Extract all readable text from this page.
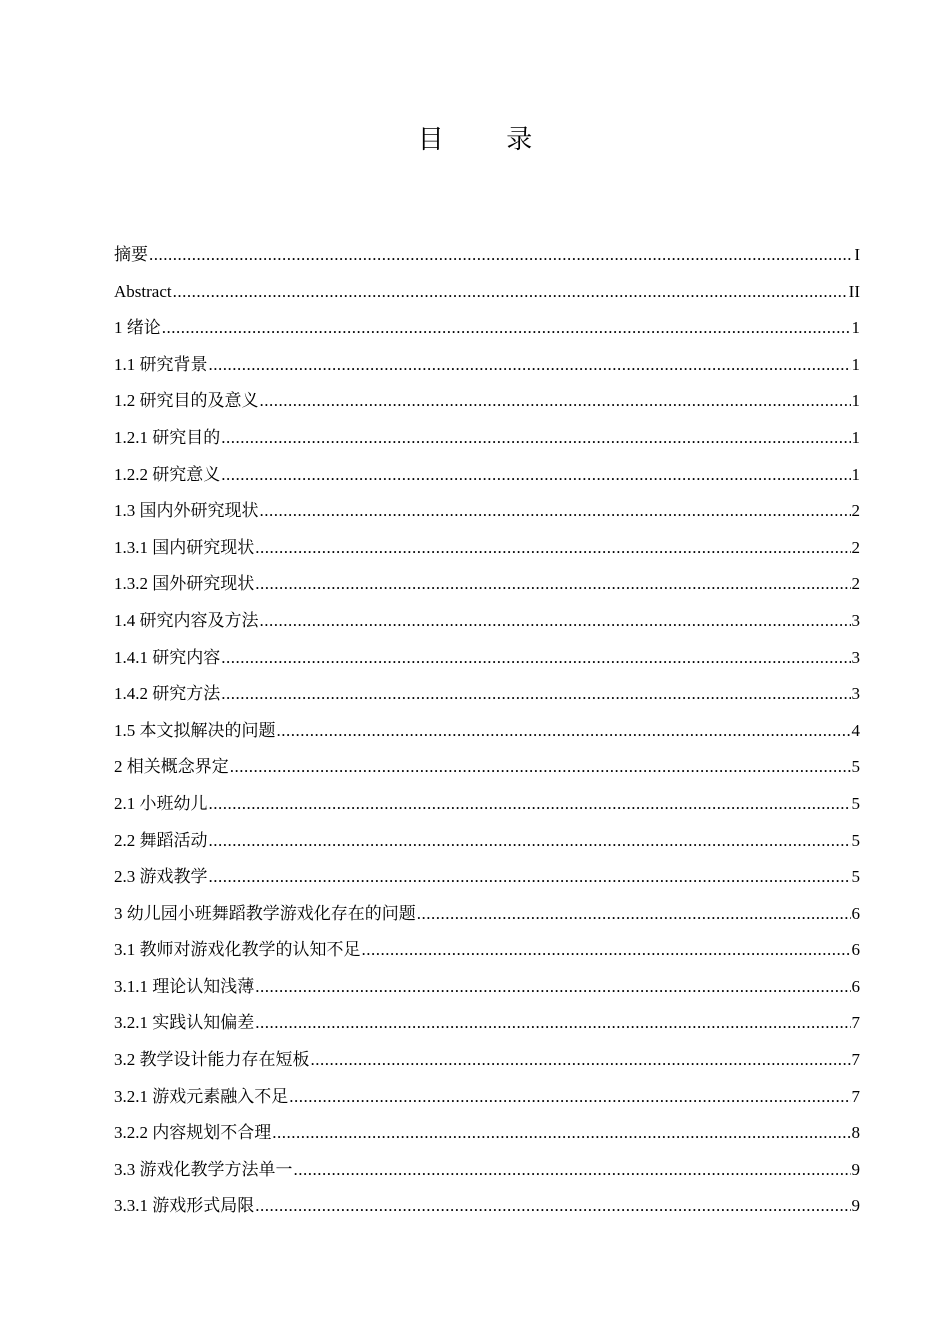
目 录
摘要 .....	I
Abstract .....	II
1 绪论 .....	1
1.1 研究背景 .....	1
1.2 研究目的及意义 .....	1
1.2.1 研究目的 .....	1
1.2.2 研究意义 .....	1
1.3 国内外研究现状 .....	2
1.3.1 国内研究现状 .....	2
1.3.2 国外研究现状 .....	2
1.4 研究内容及方法 .....	3
1.4.1 研究内容 .....	3
1.4.2 研究方法 .....	3
1.5 本文拟解决的问题 .....	4
2 相关概念界定 .....	5
2.1 小班幼儿 .....	5
2.2 舞蹈活动 .....	5
2.3 游戏教学 .....	5
3 幼儿园小班舞蹈教学游戏化存在的问题 .....	6
3.1 教师对游戏化教学的认知不足 .....	6
3.1.1 理论认知浅薄 .....	6
3.2.1 实践认知偏差 .....	7
3.2 教学设计能力存在短板 .....	7
3.2.1 游戏元素融入不足 .....	7
3.2.2 内容规划不合理 .....	8
3.3 游戏化教学方法单一 .....	9
3.3.1 游戏形式局限 .....	9
